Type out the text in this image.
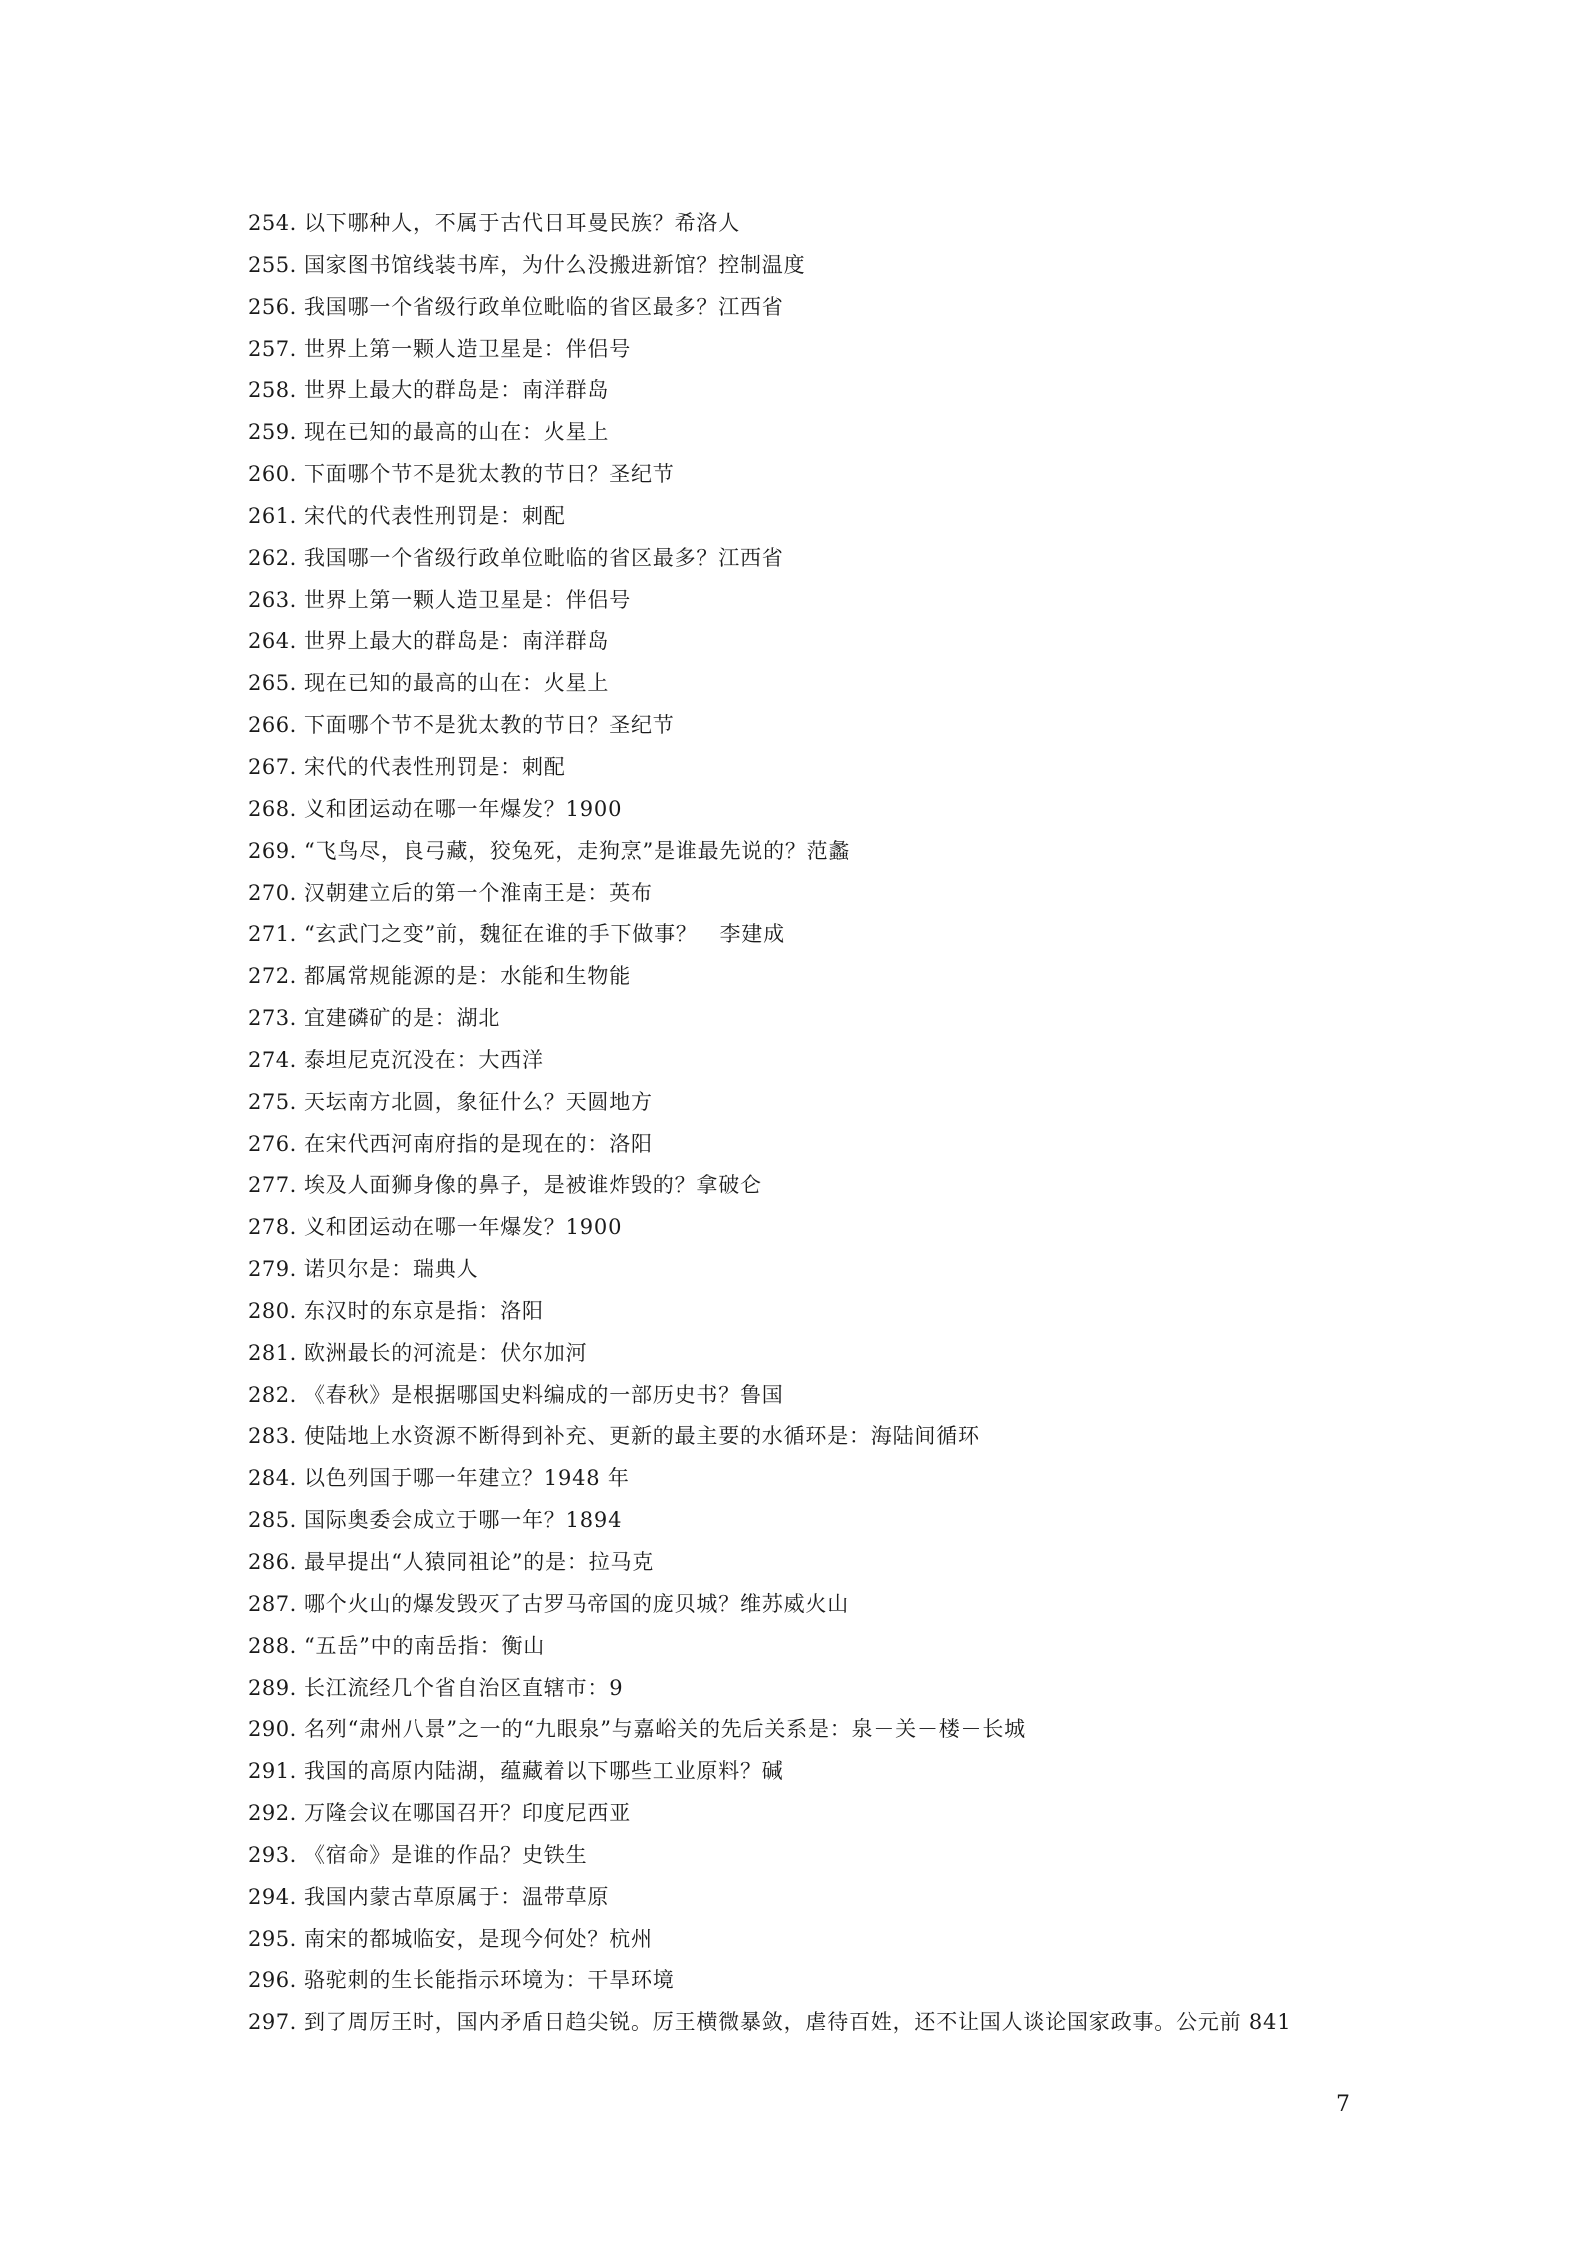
254. 以下哪种人，不属于古代日耳曼民族？希洛人
255. 国家图书馆线装书库，为什么没搬进新馆？控制温度
256. 我国哪一个省级行政单位毗临的省区最多？江西省
257. 世界上第一颗人造卫星是：伴侣号
258. 世界上最大的群岛是：南洋群岛
259. 现在已知的最高的山在：火星上
260. 下面哪个节不是犹太教的节日？圣纪节
261. 宋代的代表性刑罚是：刺配
262. 我国哪一个省级行政单位毗临的省区最多？江西省
263. 世界上第一颗人造卫星是：伴侣号
264. 世界上最大的群岛是：南洋群岛
265. 现在已知的最高的山在：火星上
266. 下面哪个节不是犹太教的节日？圣纪节
267. 宋代的代表性刑罚是：刺配
268. 义和团运动在哪一年爆发？1900
269. “飞鸟尽，良弓藏，狡兔死，走狗烹”是谁最先说的？范蠡
270. 汉朝建立后的第一个淮南王是：英布
271. “玄武门之变”前，魏征在谁的手下做事？　李建成
272. 都属常规能源的是：水能和生物能
273. 宜建磷矿的是：湖北
274. 泰坦尼克沉没在：大西洋
275. 天坛南方北圆，象征什么？天圆地方
276. 在宋代西河南府指的是现在的：洛阳
277. 埃及人面狮身像的鼻子，是被谁炸毁的？拿破仑
278. 义和团运动在哪一年爆发？1900
279. 诺贝尔是：瑞典人
280. 东汉时的东京是指：洛阳
281. 欧洲最长的河流是：伏尔加河
282. 《春秋》是根据哪国史料编成的一部历史书？鲁国
283. 使陆地上水资源不断得到补充、更新的最主要的水循环是：海陆间循环
284. 以色列国于哪一年建立？1948 年
285. 国际奥委会成立于哪一年？1894
286. 最早提出“人猿同祖论”的是：拉马克
287. 哪个火山的爆发毁灭了古罗马帝国的庞贝城？维苏威火山
288. “五岳”中的南岳指：衡山
289. 长江流经几个省自治区直辖市：9
290. 名列“肃州八景”之一的“九眼泉”与嘉峪关的先后关系是：泉－关－楼－长城
291. 我国的高原内陆湖，蕴藏着以下哪些工业原料？碱
292. 万隆会议在哪国召开？印度尼西亚
293. 《宿命》是谁的作品？史铁生
294. 我国内蒙古草原属于：温带草原
295. 南宋的都城临安，是现今何处？杭州
296. 骆驼刺的生长能指示环境为：干旱环境
297. 到了周厉王时，国内矛盾日趋尖锐。厉王横微暴敛，虐待百姓，还不让国人谈论国家政事。公元前 841
7
